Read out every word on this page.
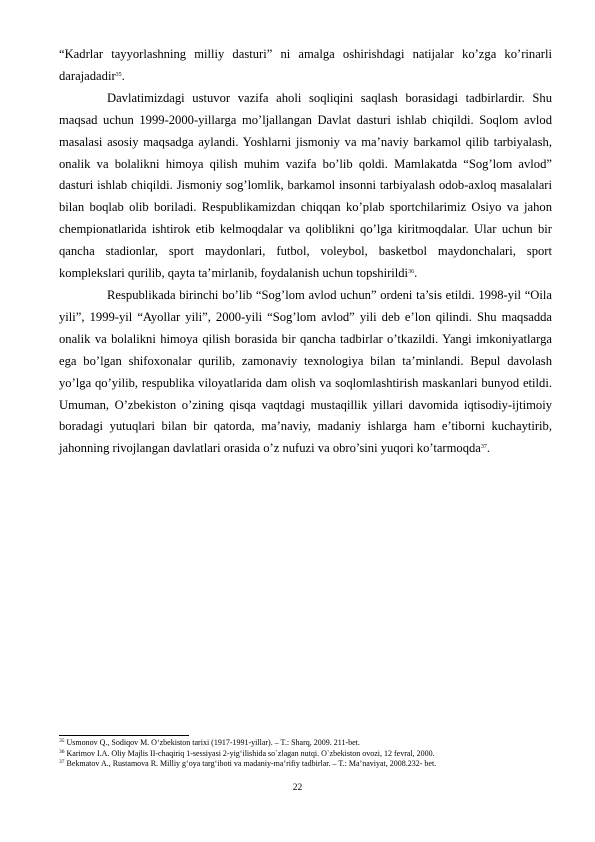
“Kadrlar tayyorlashning milliy dasturi” ni amalga oshirishdagi natijalar ko’zga ko’rinarli darajadadir$^{35}$.

Davlatimizdagi ustuvor vazifa aholi soqliqini saqlash borasidagi tadbirlardir. Shu maqsad uchun 1999-2000-yillarga mo’ljallangan Davlat dasturi ishlab chiqildi. Soqlom avlod masalasi asosiy maqsadga aylandi. Yoshlarni jismoniy va ma’naviy barkamol qilib tarbiyalash, onalik va bolalikni himoya qilish muhim vazifa bo’lib qoldi. Mamlakatda “Sog’lom avlod” dasturi ishlab chiqildi. Jismoniy sog’lomlik, barkamol insonni tarbiyalash odob-axloq masalalari bilan boqlab olib boriladi. Respublikamizdan chiqqan ko’plab sportchilarimiz Osiyo va jahon chempionatlarida ishtirok etib kelmoqdalar va qoliblikni qo’lga kiritmoqdalar. Ular uchun bir qancha stadionlar, sport maydonlari, futbol, voleybol, basketbol maydonchalari, sport komplekslari qurilib, qayta ta’mirlanib, foydalanish uchun topshirildi$^{36}$.

Respublikada birinchi bo’lib “Sog’lom avlod uchun” ordeni ta’sis etildi. 1998-yil “Oila yili”, 1999-yil “Ayollar yili”, 2000-yili “Sog’lom avlod” yili deb e’lon qilindi. Shu maqsadda onalik va bolalikni himoya qilish borasida bir qancha tadbirlar o’tkazildi. Yangi imkoniyatlarga ega bo’lgan shifoxonalar qurilib, zamonaviy texnologiya bilan ta’minlandi. Bepul davolash yo’lga qo’yilib, respublika viloyatlarida dam olish va soqlomlashtirish maskanlari bunyod etildi. Umuman, O’zbekiston o’zining qisqa vaqtdagi mustaqillik yillari davomida iqtisodiy-ijtimoiy boradagi yutuqlari bilan bir qatorda, ma’naviy, madaniy ishlarga ham e’tiborni kuchaytirib, jahonning rivojlangan davlatlari orasida o’z nufuzi va obro’sini yuqori ko’tarmoqda$^{37}$.

$^{35}$ Usmonov Q., Sodiqov M. O‘zbekiston tarixi (1917-1991-yillar). – T.: Sharq, 2009. 211-bet.
$^{36}$ Karimov I.A. Oliy Majlis II-chaqiriq 1-sessiyasi 2-yig‘ilishida so`zlagan nutqi. O`zbekiston ovozi, 12 fevral, 2000.
$^{37}$ Bekmatov A., Rustamova R. Milliy g‘oya targ‘iboti va madaniy-ma’rifiy tadbirlar. – T.: Ma’naviyat, 2008.232- bet.
22
